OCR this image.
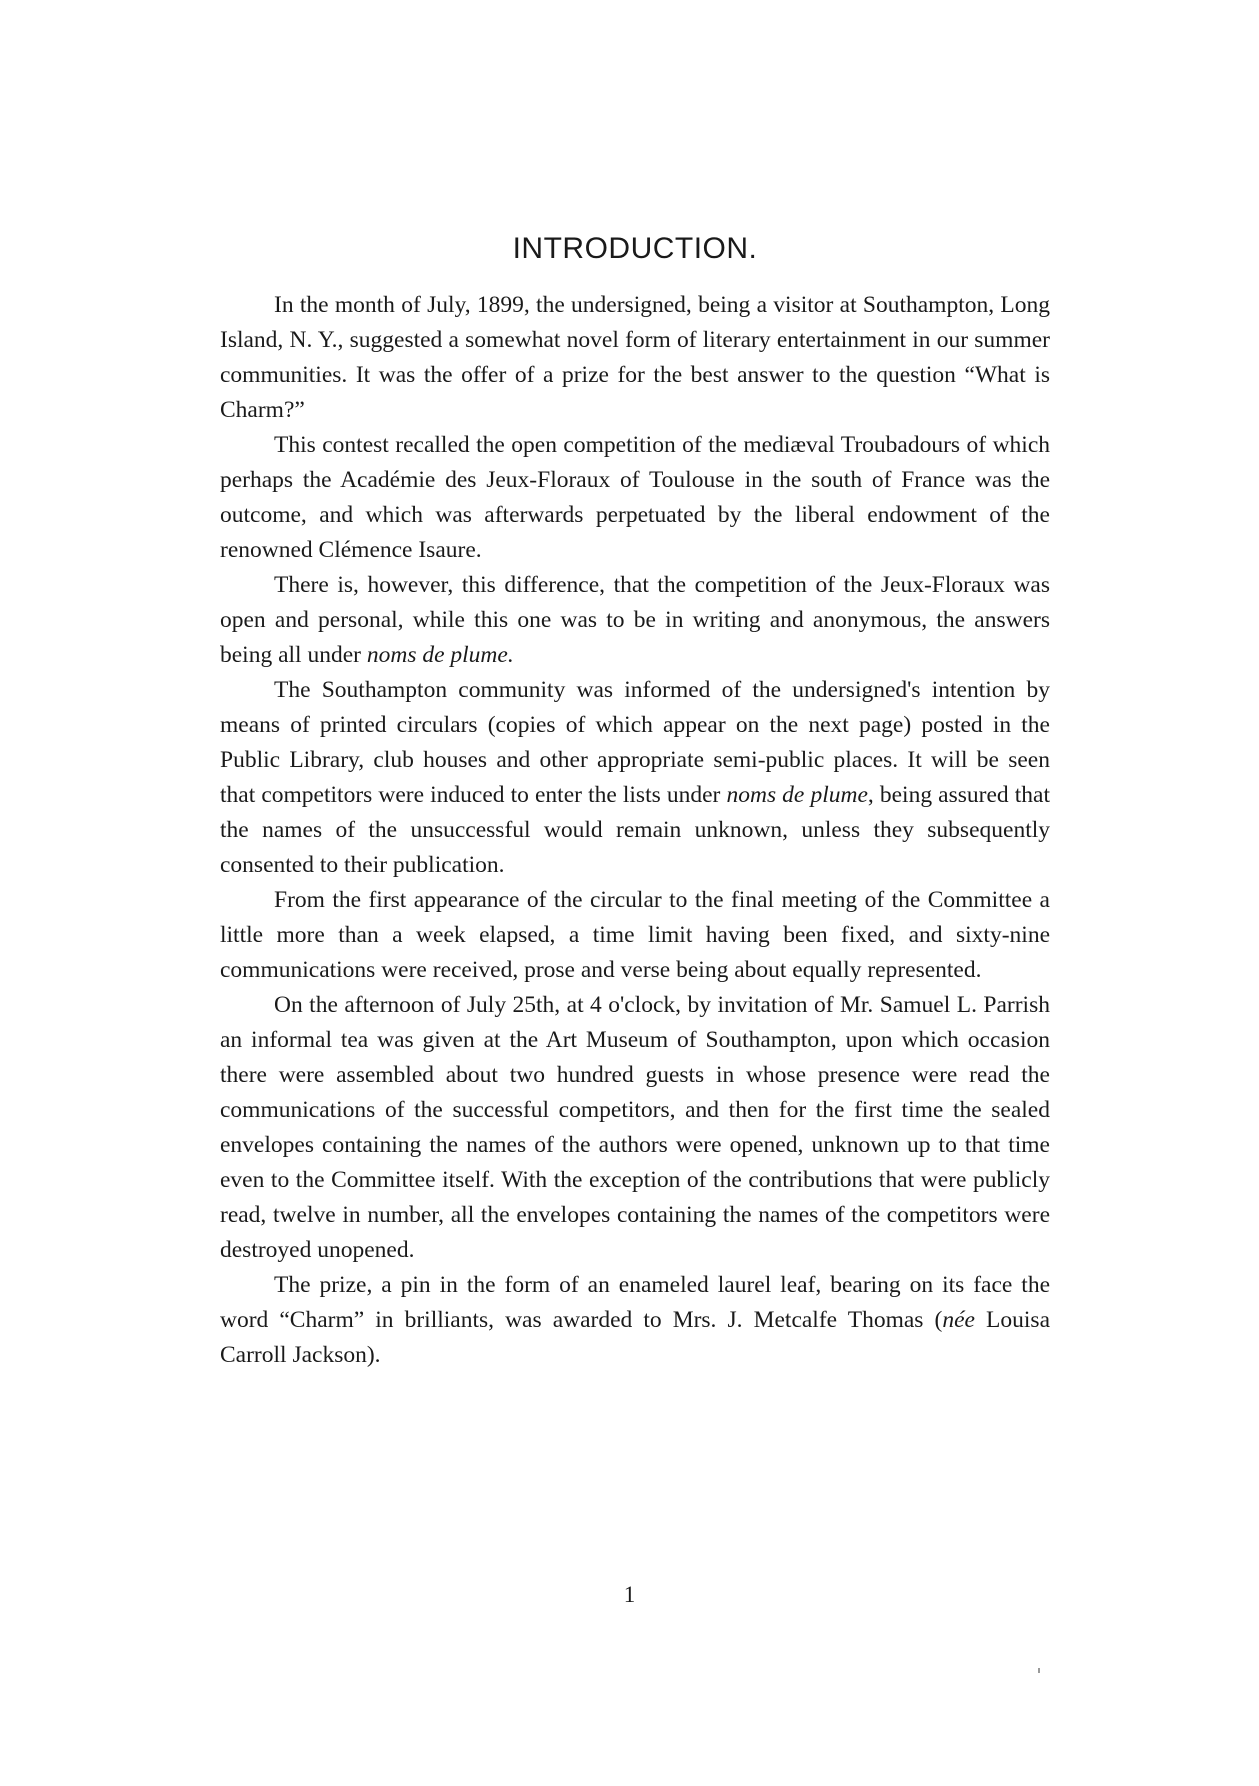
INTRODUCTION.

In the month of July, 1899, the undersigned, being a visitor at Southampton, Long Island, N. Y., suggested a somewhat novel form of literary entertainment in our summer communities. It was the offer of a prize for the best answer to the question “What is Charm?”

This contest recalled the open competition of the mediæval Troubadours of which perhaps the Académie des Jeux-Floraux of Toulouse in the south of France was the outcome, and which was afterwards perpetuated by the liberal endowment of the renowned Clémence Isaure.

There is, however, this difference, that the competition of the Jeux-Floraux was open and personal, while this one was to be in writing and anonymous, the answers being all under noms de plume.

The Southampton community was informed of the undersigned's intention by means of printed circulars (copies of which appear on the next page) posted in the Public Library, club houses and other appropriate semi-public places. It will be seen that competitors were induced to enter the lists under noms de plume, being assured that the names of the unsuccessful would remain unknown, unless they subsequently consented to their publication.

From the first appearance of the circular to the final meeting of the Committee a little more than a week elapsed, a time limit having been fixed, and sixty-nine communications were received, prose and verse being about equally represented.

On the afternoon of July 25th, at 4 o'clock, by invitation of Mr. Samuel L. Parrish an informal tea was given at the Art Museum of Southampton, upon which occasion there were assembled about two hundred guests in whose presence were read the communications of the successful competitors, and then for the first time the sealed envelopes containing the names of the authors were opened, unknown up to that time even to the Committee itself. With the exception of the contributions that were publicly read, twelve in number, all the envelopes containing the names of the competitors were destroyed unopened.

The prize, a pin in the form of an enameled laurel leaf, bearing on its face the word “Charm” in brilliants, was awarded to Mrs. J. Metcalfe Thomas (née Louisa Carroll Jackson).

1
